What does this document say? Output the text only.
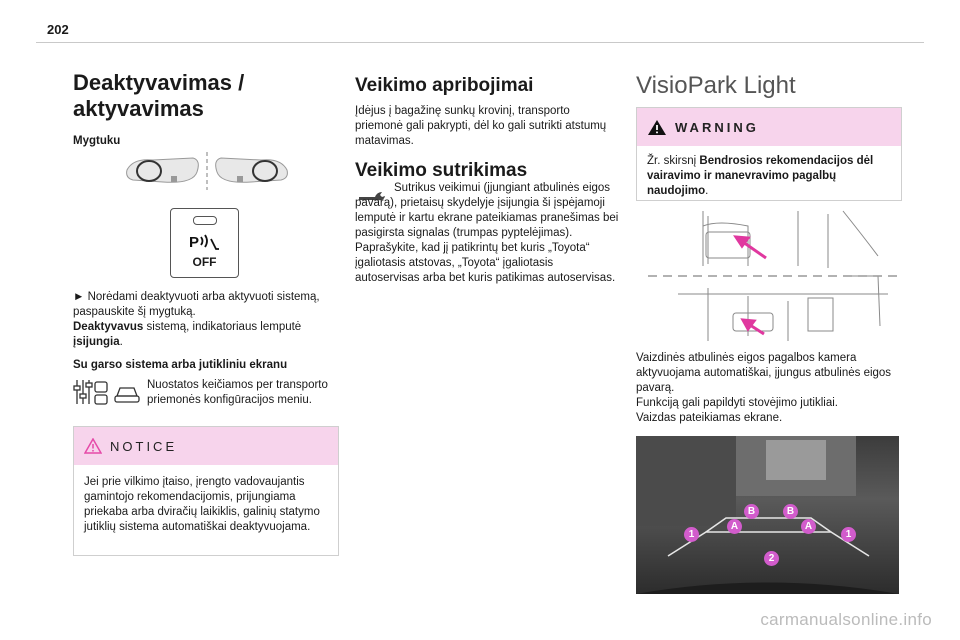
202
Deaktyvavimas / aktyvavimas

Mygtuku

P
OFF

► Norėdami deaktyvuoti arba aktyvuoti sistemą, paspauskite šį mygtuką.

Deaktyvavus sistemą, indikatoriaus lemputė įsijungia.

Su garso sistema arba jutikliniu ekranu

Nuostatos keičiamos per transporto priemonės konfigūracijos meniu.

NOTICE

Jei prie vilkimo įtaiso, įrengto vadovaujantis gamintojo rekomendacijomis, prijungiama priekaba arba dviračių laikiklis, galinių statymo jutiklių sistema automatiškai deaktyvuojama.

Veikimo apribojimai

Įdėjus į bagažinę sunkų krovinį, transporto priemonė gali pakrypti, dėl ko gali sutrikti atstumų matavimas.

Veikimo sutrikimas

Sutrikus veikimui (įjungiant atbulinės eigos pavarą), prietaisų skydelyje įsijungia ši įspėjamoji lemputė ir kartu ekrane pateikiamas pranešimas bei pasigirsta signalas (trumpas pyptelėjimas).

Paprašykite, kad jį patikrintų bet kuris „Toyota“ įgaliotasis atstovas, „Toyota“ įgaliotasis autoservisas arba bet kuris patikimas autoservisas.

VisioPark Light
WARNING

Žr. skirsnį Bendrosios rekomendacijos dėl vairavimo ir manevravimo pagalbų naudojimo.

Vaizdinės atbulinės eigos pagalbos kamera aktyvuojama automatiškai, įjungus atbulinės eigos pavarą.

Funkciją gali papildyti stovėjimo jutikliai.

Vaizdas pateikiamas ekrane.

1
A
B	B
A
1
2
carmanualsonline.info
